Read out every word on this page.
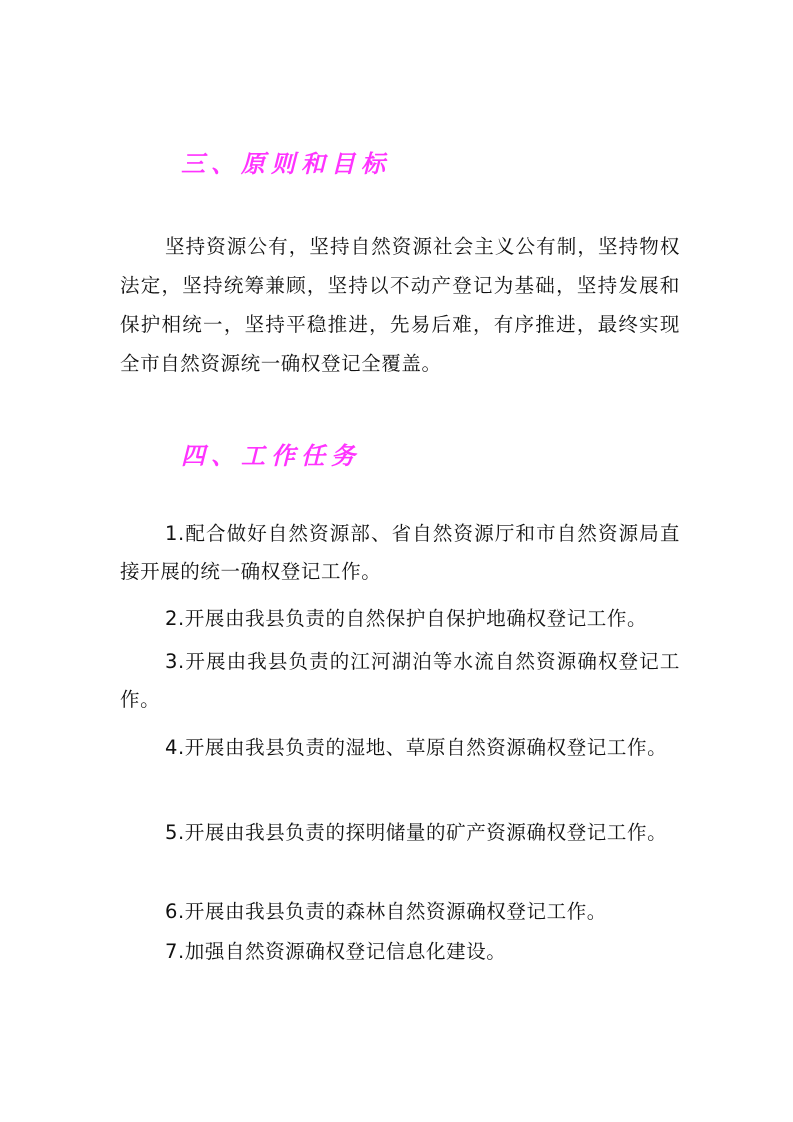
三、原则和目标
坚持资源公有，坚持自然资源社会主义公有制，坚持物权法定，坚持统筹兼顾，坚持以不动产登记为基础，坚持发展和保护相统一，坚持平稳推进，先易后难，有序推进，最终实现全市自然资源统一确权登记全覆盖。
四、工作任务
1.配合做好自然资源部、省自然资源厅和市自然资源局直接开展的统一确权登记工作。
2.开展由我县负责的自然保护自保护地确权登记工作。
3.开展由我县负责的江河湖泊等水流自然资源确权登记工作。
4.开展由我县负责的湿地、草原自然资源确权登记工作。
5.开展由我县负责的探明储量的矿产资源确权登记工作。
6.开展由我县负责的森林自然资源确权登记工作。
7.加强自然资源确权登记信息化建设。
